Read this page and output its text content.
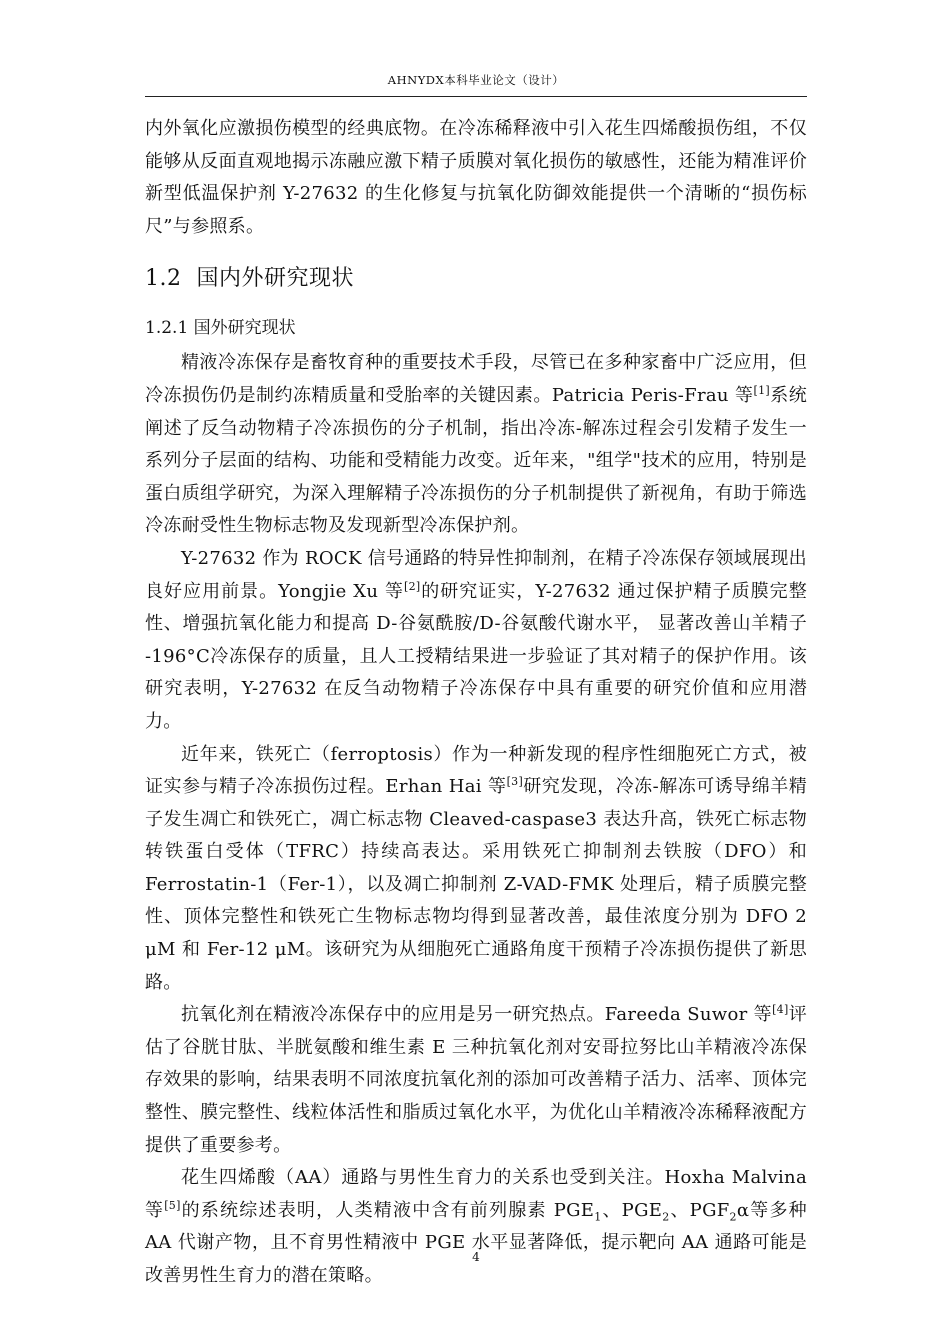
AHNYDX本科毕业论文（设计）

内外氧化应激损伤模型的经典底物。在冷冻稀释液中引入花生四烯酸损伤组，不仅能够从反面直观地揭示冻融应激下精子质膜对氧化损伤的敏感性，还能为精准评价新型低温保护剂 Y-27632 的生化修复与抗氧化防御效能提供一个清晰的“损伤标尺”与参照系。

1.2 国内外研究现状
1.2.1 国外研究现状

精液冷冻保存是畜牧育种的重要技术手段，尽管已在多种家畜中广泛应用，但冷冻损伤仍是制约冻精质量和受胎率的关键因素。Patricia Peris-Frau 等[1]系统阐述了反刍动物精子冷冻损伤的分子机制，指出冷冻-解冻过程会引发精子发生一系列分子层面的结构、功能和受精能力改变。近年来，"组学"技术的应用，特别是蛋白质组学研究，为深入理解精子冷冻损伤的分子机制提供了新视角，有助于筛选冷冻耐受性生物标志物及发现新型冷冻保护剂。

Y-27632 作为 ROCK 信号通路的特异性抑制剂，在精子冷冻保存领域展现出良好应用前景。Yongjie Xu 等[2]的研究证实，Y-27632 通过保护精子质膜完整性、增强抗氧化能力和提高 D-谷氨酰胺/D-谷氨酸代谢水平， 显著改善山羊精子 -196°C冷冻保存的质量，且人工授精结果进一步验证了其对精子的保护作用。该研究表明，Y-27632 在反刍动物精子冷冻保存中具有重要的研究价值和应用潜力。

近年来，铁死亡（ferroptosis）作为一种新发现的程序性细胞死亡方式，被证实参与精子冷冻损伤过程。Erhan Hai 等[3]研究发现，冷冻-解冻可诱导绵羊精子发生凋亡和铁死亡，凋亡标志物 Cleaved-caspase3 表达升高，铁死亡标志物转铁蛋白受体（TFRC）持续高表达。采用铁死亡抑制剂去铁胺（DFO）和 Ferrostatin-1（Fer-1），以及凋亡抑制剂 Z-VAD-FMK 处理后，精子质膜完整性、顶体完整性和铁死亡生物标志物均得到显著改善，最佳浓度分别为 DFO 2 μM 和 Fer-12 μM。该研究为从细胞死亡通路角度干预精子冷冻损伤提供了新思路。

抗氧化剂在精液冷冻保存中的应用是另一研究热点。Fareeda Suwor 等[4]评估了谷胱甘肽、半胱氨酸和维生素 E 三种抗氧化剂对安哥拉努比山羊精液冷冻保存效果的影响，结果表明不同浓度抗氧化剂的添加可改善精子活力、活率、顶体完整性、膜完整性、线粒体活性和脂质过氧化水平，为优化山羊精液冷冻稀释液配方提供了重要参考。

花生四烯酸（AA）通路与男性生育力的关系也受到关注。Hoxha Malvina 等[5]的系统综述表明，人类精液中含有前列腺素 $PGE_1$、$PGE_2$、$PGF_2\alpha$等多种 AA 代谢产物，且不育男性精液中 PGE 水平显著降低，提示靶向 AA 通路可能是改善男性生育力的潜在策略。

4
